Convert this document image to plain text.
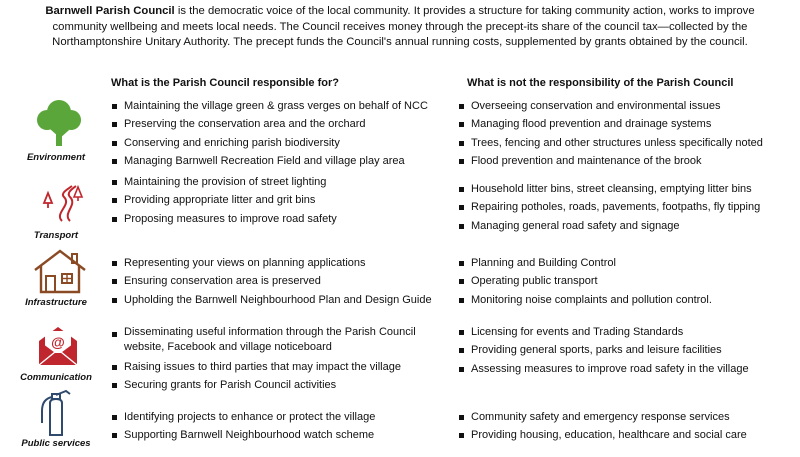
Barnwell Parish Council is the democratic voice of the local community. It provides a structure for taking community action, works to improve community wellbeing and meets local needs. The Council receives money through the precept-its share of the council tax—collected by the Northamptonshire Unitary Authority. The precept funds the Council's annual running costs, supplemented by grants obtained by the council.
What is the Parish Council responsible for?	What is not the responsibility of the Parish Council
Environment
Maintaining the village green & grass verges on behalf of NCC
Preserving the conservation area and the orchard
Conserving and enriching parish biodiversity
Managing Barnwell Recreation Field and village play area
Overseeing conservation and environmental issues
Managing flood prevention and drainage systems
Trees, fencing and other structures unless specifically noted
Flood prevention and maintenance of the brook
Transport
Maintaining the provision of street lighting
Providing appropriate litter and grit bins
Proposing measures to improve road safety
Household litter bins, street cleansing, emptying litter bins
Repairing potholes, roads, pavements, footpaths, fly tipping
Managing general road safety and signage
Infrastructure
Representing your views on planning applications
Ensuring conservation area is preserved
Upholding the Barnwell Neighbourhood Plan and Design Guide
Planning and Building Control
Operating public transport
Monitoring noise complaints and pollution control.
@
Communication
Disseminating useful information through the Parish Council website, Facebook and village noticeboard
Raising issues to third parties that may impact the village
Securing grants for Parish Council activities
Licensing for events and Trading Standards
Providing general sports, parks and leisure facilities
Assessing measures to improve road safety in the village
Public services
Identifying projects to enhance or protect the village
Supporting Barnwell Neighbourhood watch scheme
Community safety and emergency response services
Providing housing, education, healthcare and social care
